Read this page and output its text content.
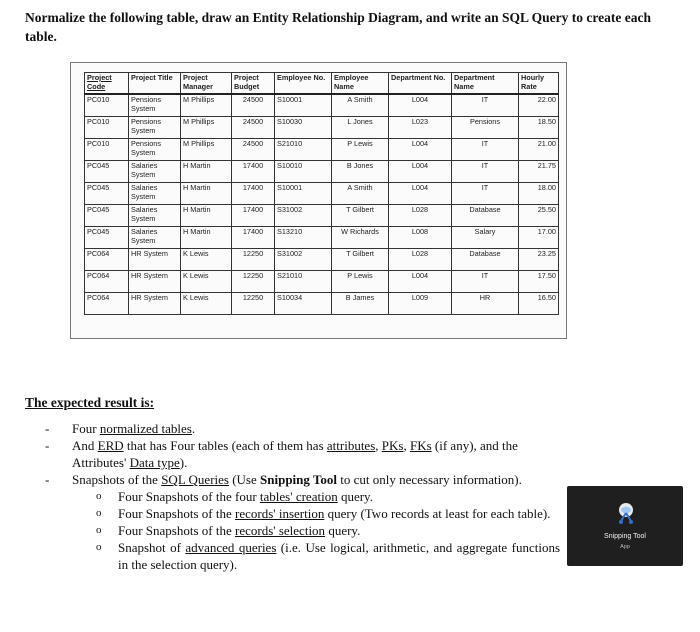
Normalize the following table, draw an Entity Relationship Diagram, and write an SQL Query to create each table.
Project Code	Project Title	Project Manager	Project Budget	Employee No.	Employee Name	Department No.	Department Name	Hourly Rate
PC010	Pensions System	M Phillips	24500	S10001	A Smith	L004	IT	22.00
PC010	Pensions System	M Phillips	24500	S10030	L Jones	L023	Pensions	18.50
PC010	Pensions System	M Phillips	24500	S21010	P Lewis	L004	IT	21.00
PC045	Salaries System	H Martin	17400	S10010	B Jones	L004	IT	21.75
PC045	Salaries System	H Martin	17400	S10001	A Smith	L004	IT	18.00
PC045	Salaries System	H Martin	17400	S31002	T Gilbert	L028	Database	25.50
PC045	Salaries System	H Martin	17400	S13210	W Richards	L008	Salary	17.00
PC064	HR System	K Lewis	12250	S31002	T Gilbert	L028	Database	23.25
PC064	HR System	K Lewis	12250	S21010	P Lewis	L004	IT	17.50
PC064	HR System	K Lewis	12250	S10034	B James	L009	HR	16.50
The expected result is:
- Four normalized tables.
- And ERD that has Four tables (each of them has attributes, PKs, FKs (if any), and the Attributes' Data type).
- Snapshots of the SQL Queries (Use Snipping Tool to cut only necessary information).
o Four Snapshots of the four tables' creation query.
o Four Snapshots of the records' insertion query (Two records at least for each table).
o Four Snapshots of the records' selection query.
o Snapshot of advanced queries (i.e. Use logical, arithmetic, and aggregate functions in the selection query).
Snipping Tool
App
